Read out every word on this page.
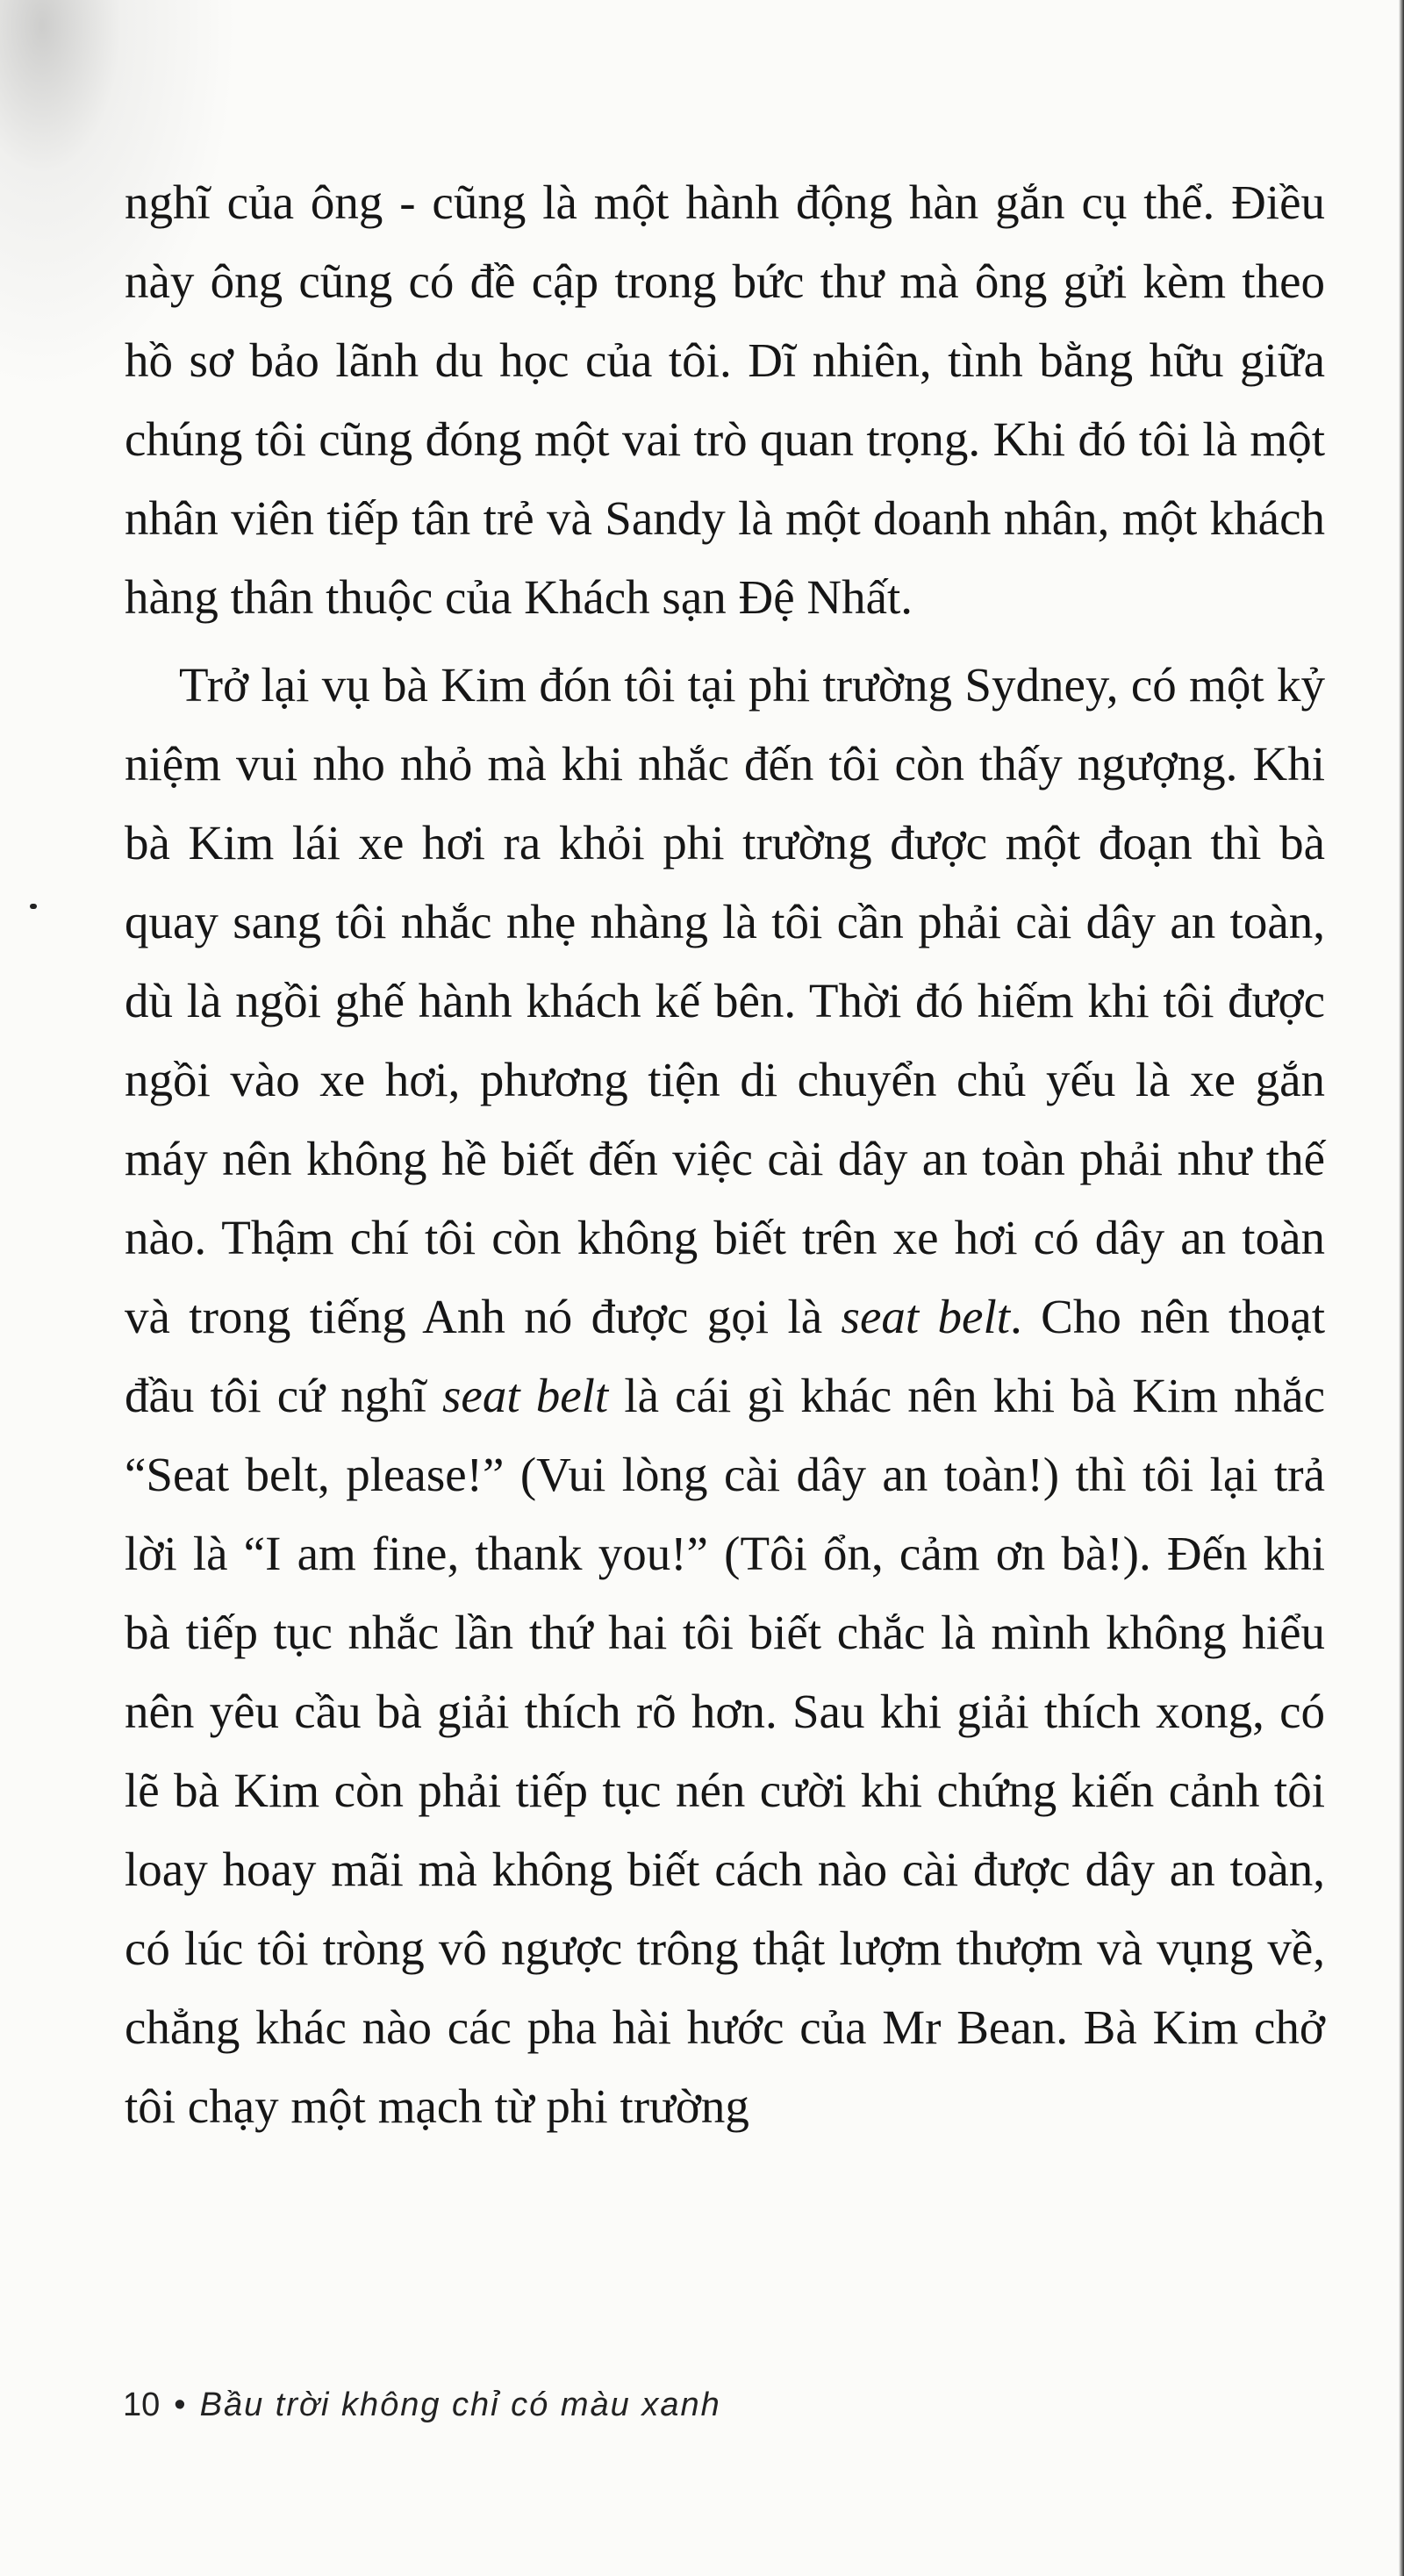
nghĩ của ông - cũng là một hành động hàn gắn cụ thể. Điều này ông cũng có đề cập trong bức thư mà ông gửi kèm theo hồ sơ bảo lãnh du học của tôi. Dĩ nhiên, tình bằng hữu giữa chúng tôi cũng đóng một vai trò quan trọng. Khi đó tôi là một nhân viên tiếp tân trẻ và Sandy là một doanh nhân, một khách hàng thân thuộc của Khách sạn Đệ Nhất.

Trở lại vụ bà Kim đón tôi tại phi trường Sydney, có một kỷ niệm vui nho nhỏ mà khi nhắc đến tôi còn thấy ngượng. Khi bà Kim lái xe hơi ra khỏi phi trường được một đoạn thì bà quay sang tôi nhắc nhẹ nhàng là tôi cần phải cài dây an toàn, dù là ngồi ghế hành khách kế bên. Thời đó hiếm khi tôi được ngồi vào xe hơi, phương tiện di chuyển chủ yếu là xe gắn máy nên không hề biết đến việc cài dây an toàn phải như thế nào. Thậm chí tôi còn không biết trên xe hơi có dây an toàn và trong tiếng Anh nó được gọi là seat belt. Cho nên thoạt đầu tôi cứ nghĩ seat belt là cái gì khác nên khi bà Kim nhắc “Seat belt, please!” (Vui lòng cài dây an toàn!) thì tôi lại trả lời là “I am fine, thank you!” (Tôi ổn, cảm ơn bà!). Đến khi bà tiếp tục nhắc lần thứ hai tôi biết chắc là mình không hiểu nên yêu cầu bà giải thích rõ hơn. Sau khi giải thích xong, có lẽ bà Kim còn phải tiếp tục nén cười khi chứng kiến cảnh tôi loay hoay mãi mà không biết cách nào cài được dây an toàn, có lúc tôi tròng vô ngược trông thật lượm thượm và vụng về, chẳng khác nào các pha hài hước của Mr Bean. Bà Kim chở tôi chạy một mạch từ phi trường

10 • Bầu trời không chỉ có màu xanh
